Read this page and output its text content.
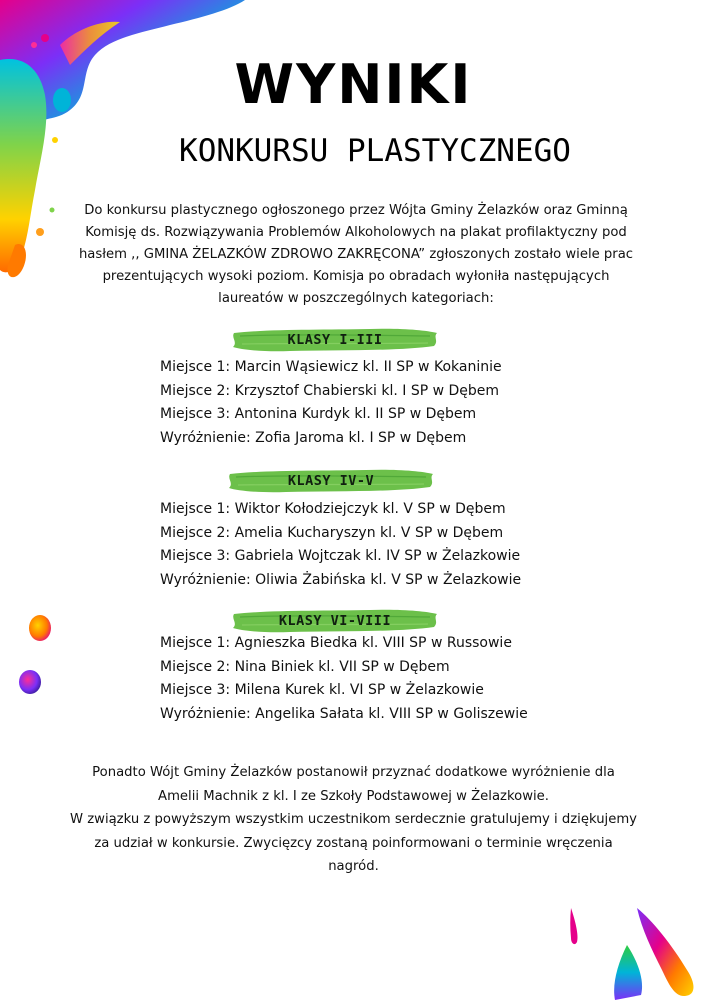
WYNIKI
KONKURSU PLASTYCZNEGO
Do konkursu plastycznego ogłoszonego przez Wójta Gminy Żelazków oraz Gminną Komisję ds. Rozwiązywania Problemów Alkoholowych na plakat profilaktyczny pod hasłem ,, GMINA ŻELAZKÓW ZDROWO ZAKRĘCONA” zgłoszonych zostało wiele prac prezentujących wysoki poziom. Komisja po obradach wyłoniła następujących laureatów w poszczególnych kategoriach:
KLASY I-III
Miejsce 1: Marcin Wąsiewicz kl. II SP w Kokaninie
Miejsce 2: Krzysztof Chabierski kl. I SP w Dębem
Miejsce 3: Antonina Kurdyk kl. II SP w Dębem
Wyróżnienie: Zofia Jaroma kl. I SP w Dębem
KLASY IV-V
Miejsce 1: Wiktor Kołodziejczyk kl. V SP w Dębem
Miejsce 2: Amelia Kucharyszyn kl. V SP w Dębem
Miejsce 3: Gabriela Wojtczak kl. IV SP w Żelazkowie
Wyróżnienie: Oliwia Żabińska kl. V SP w Żelazkowie
KLASY VI-VIII
Miejsce 1: Agnieszka Biedka kl. VIII SP w Russowie
Miejsce 2: Nina Biniek kl. VII SP w Dębem
Miejsce 3: Milena Kurek kl. VI SP w Żelazkowie
Wyróżnienie: Angelika Sałata kl. VIII SP w Goliszewie

Ponadto Wójt Gminy Żelazków postanowił przyznać dodatkowe wyróżnienie dla Amelii Machnik z kl. I ze Szkoły Podstawowej w Żelazkowie.

W związku z powyższym wszystkim uczestnikom serdecznie gratulujemy i dziękujemy za udział w konkursie. Zwycięzcy zostaną poinformowani o terminie wręczenia nagród.
